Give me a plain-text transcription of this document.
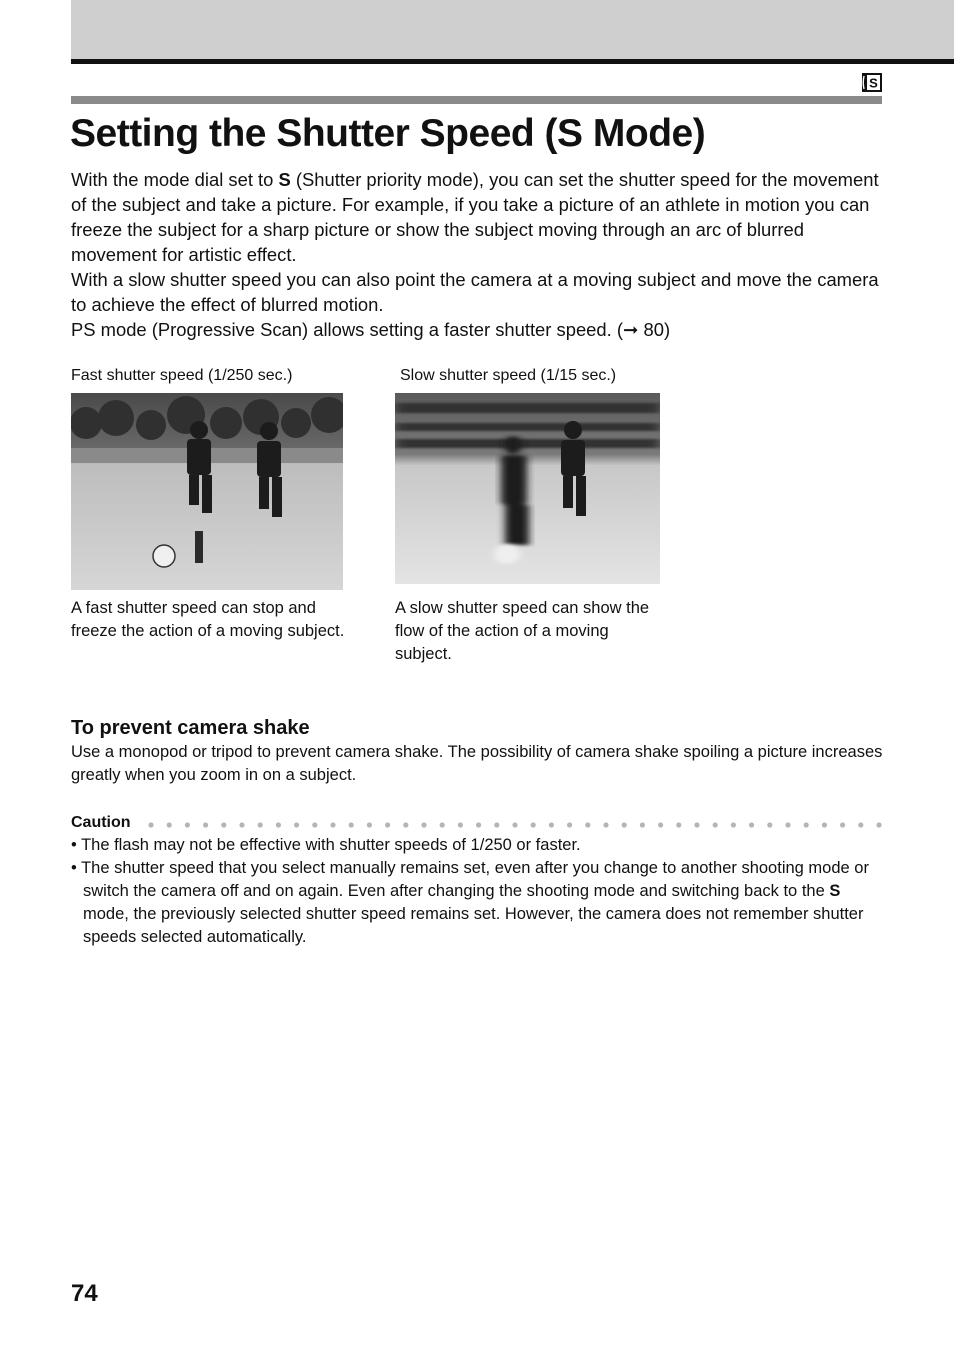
S
Setting the Shutter Speed (S Mode)

With the mode dial set to S (Shutter priority mode), you can set the shutter speed for the movement of the subject and take a picture. For example, if you take a picture of an athlete in motion you can freeze the subject for a sharp picture or show the subject moving through an arc of blurred movement for artistic effect.

With a slow shutter speed you can also point the camera at a moving subject and move the camera to achieve the effect of blurred motion.

PS mode (Progressive Scan) allows setting a faster shutter speed. (➞ 80)

Fast shutter speed (1/250 sec.)	Slow shutter speed (1/15 sec.)
A fast shutter speed can stop and freeze the action of a moving subject.
A slow shutter speed can show the flow of the action of a moving subject.
To prevent camera shake
Use a monopod or tripod to prevent camera shake. The possibility of camera shake spoiling a picture increases greatly when you zoom in on a subject.
Caution
• The flash may not be effective with shutter speeds of 1/250 or faster.
• The shutter speed that you select manually remains set, even after you change to another shooting mode or switch the camera off and on again. Even after changing the shooting mode and switching back to the S mode, the previously selected shutter speed remains set. However, the camera does not remember shutter speeds selected automatically.
74
